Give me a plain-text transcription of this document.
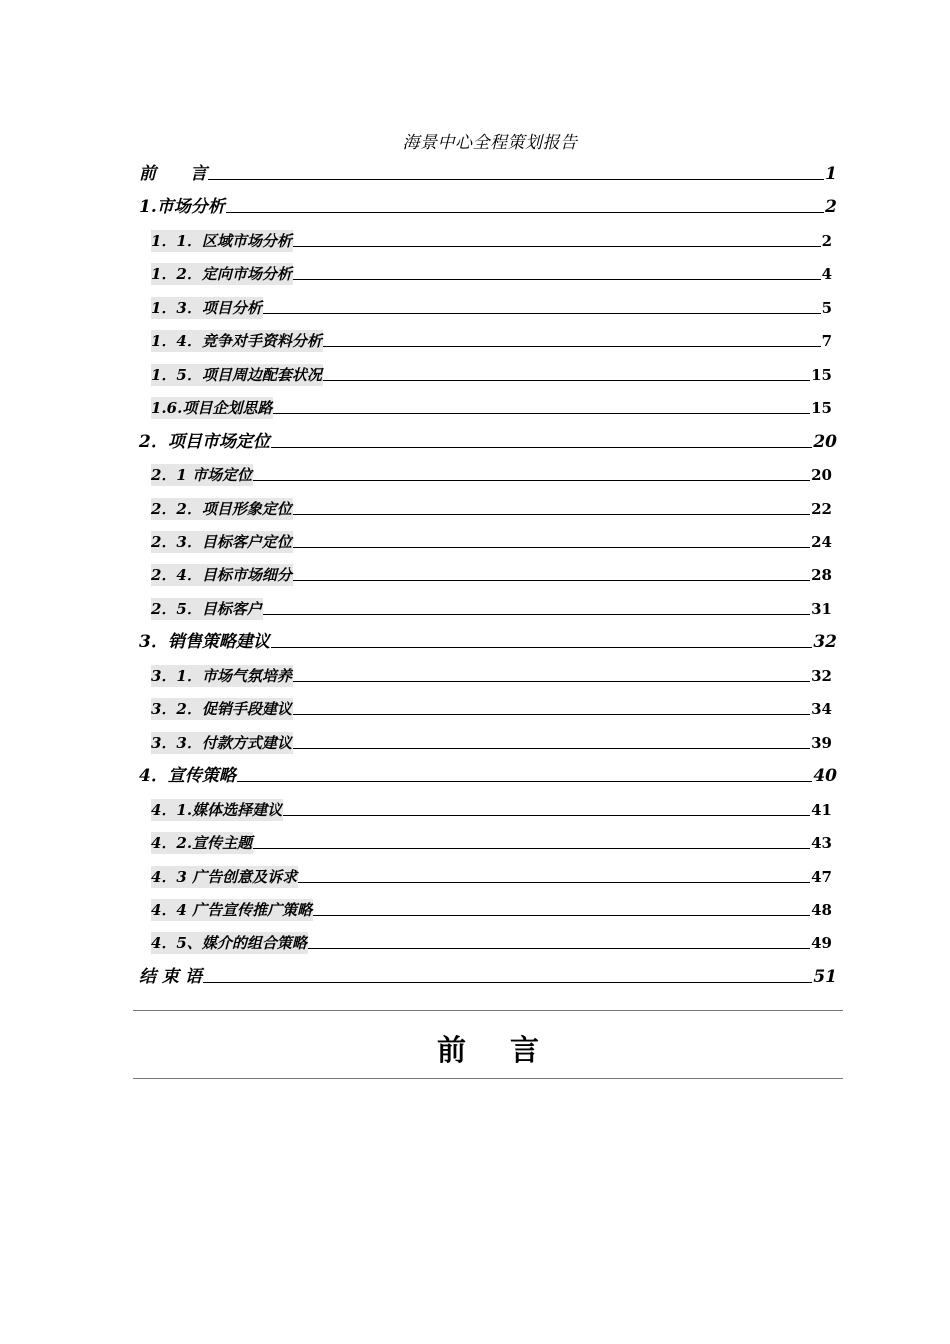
海景中心全程策划报告
前　　言	1
1.市场分析	2
1．1．区域市场分析	2
1．2．定向市场分析	4
1．3．项目分析	5
1．4．竞争对手资料分析	7
1．5．项目周边配套状况	15
1.6.项目企划思路	15
2．项目市场定位	20
2．1 市场定位	20
2．2．项目形象定位	22
2．3．目标客户定位	24
2．4．目标市场细分	28
2．5．目标客户	31
3．销售策略建议	32
3．1．市场气氛培养	32
3．2．促销手段建议	34
3．3．付款方式建议	39
4．宣传策略	40
4．1.媒体选择建议	41
4．2.宣传主题	43
4．3 广告创意及诉求	47
4．4 广告宣传推广策略	48
4．5、媒介的组合策略	49
结 束 语	51
前言
